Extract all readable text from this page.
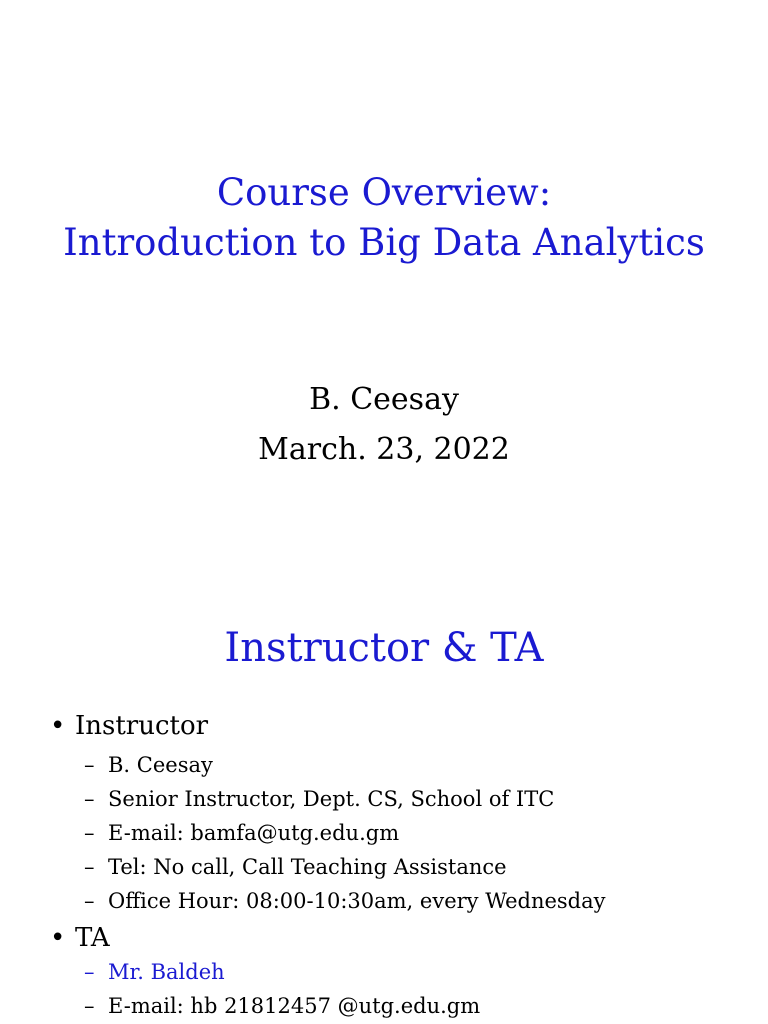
Course Overview:
Introduction to Big Data Analytics
B. Ceesay
March. 23, 2022
Instructor & TA
• Instructor
– B. Ceesay
– Senior Instructor, Dept. CS, School of ITC
– E-mail: bamfa@utg.edu.gm
– Tel: No call, Call Teaching Assistance
– Office Hour: 08:00-10:30am, every Wednesday
• TA
– Mr. Baldeh
– E-mail: hb 21812457 @utg.edu.gm
